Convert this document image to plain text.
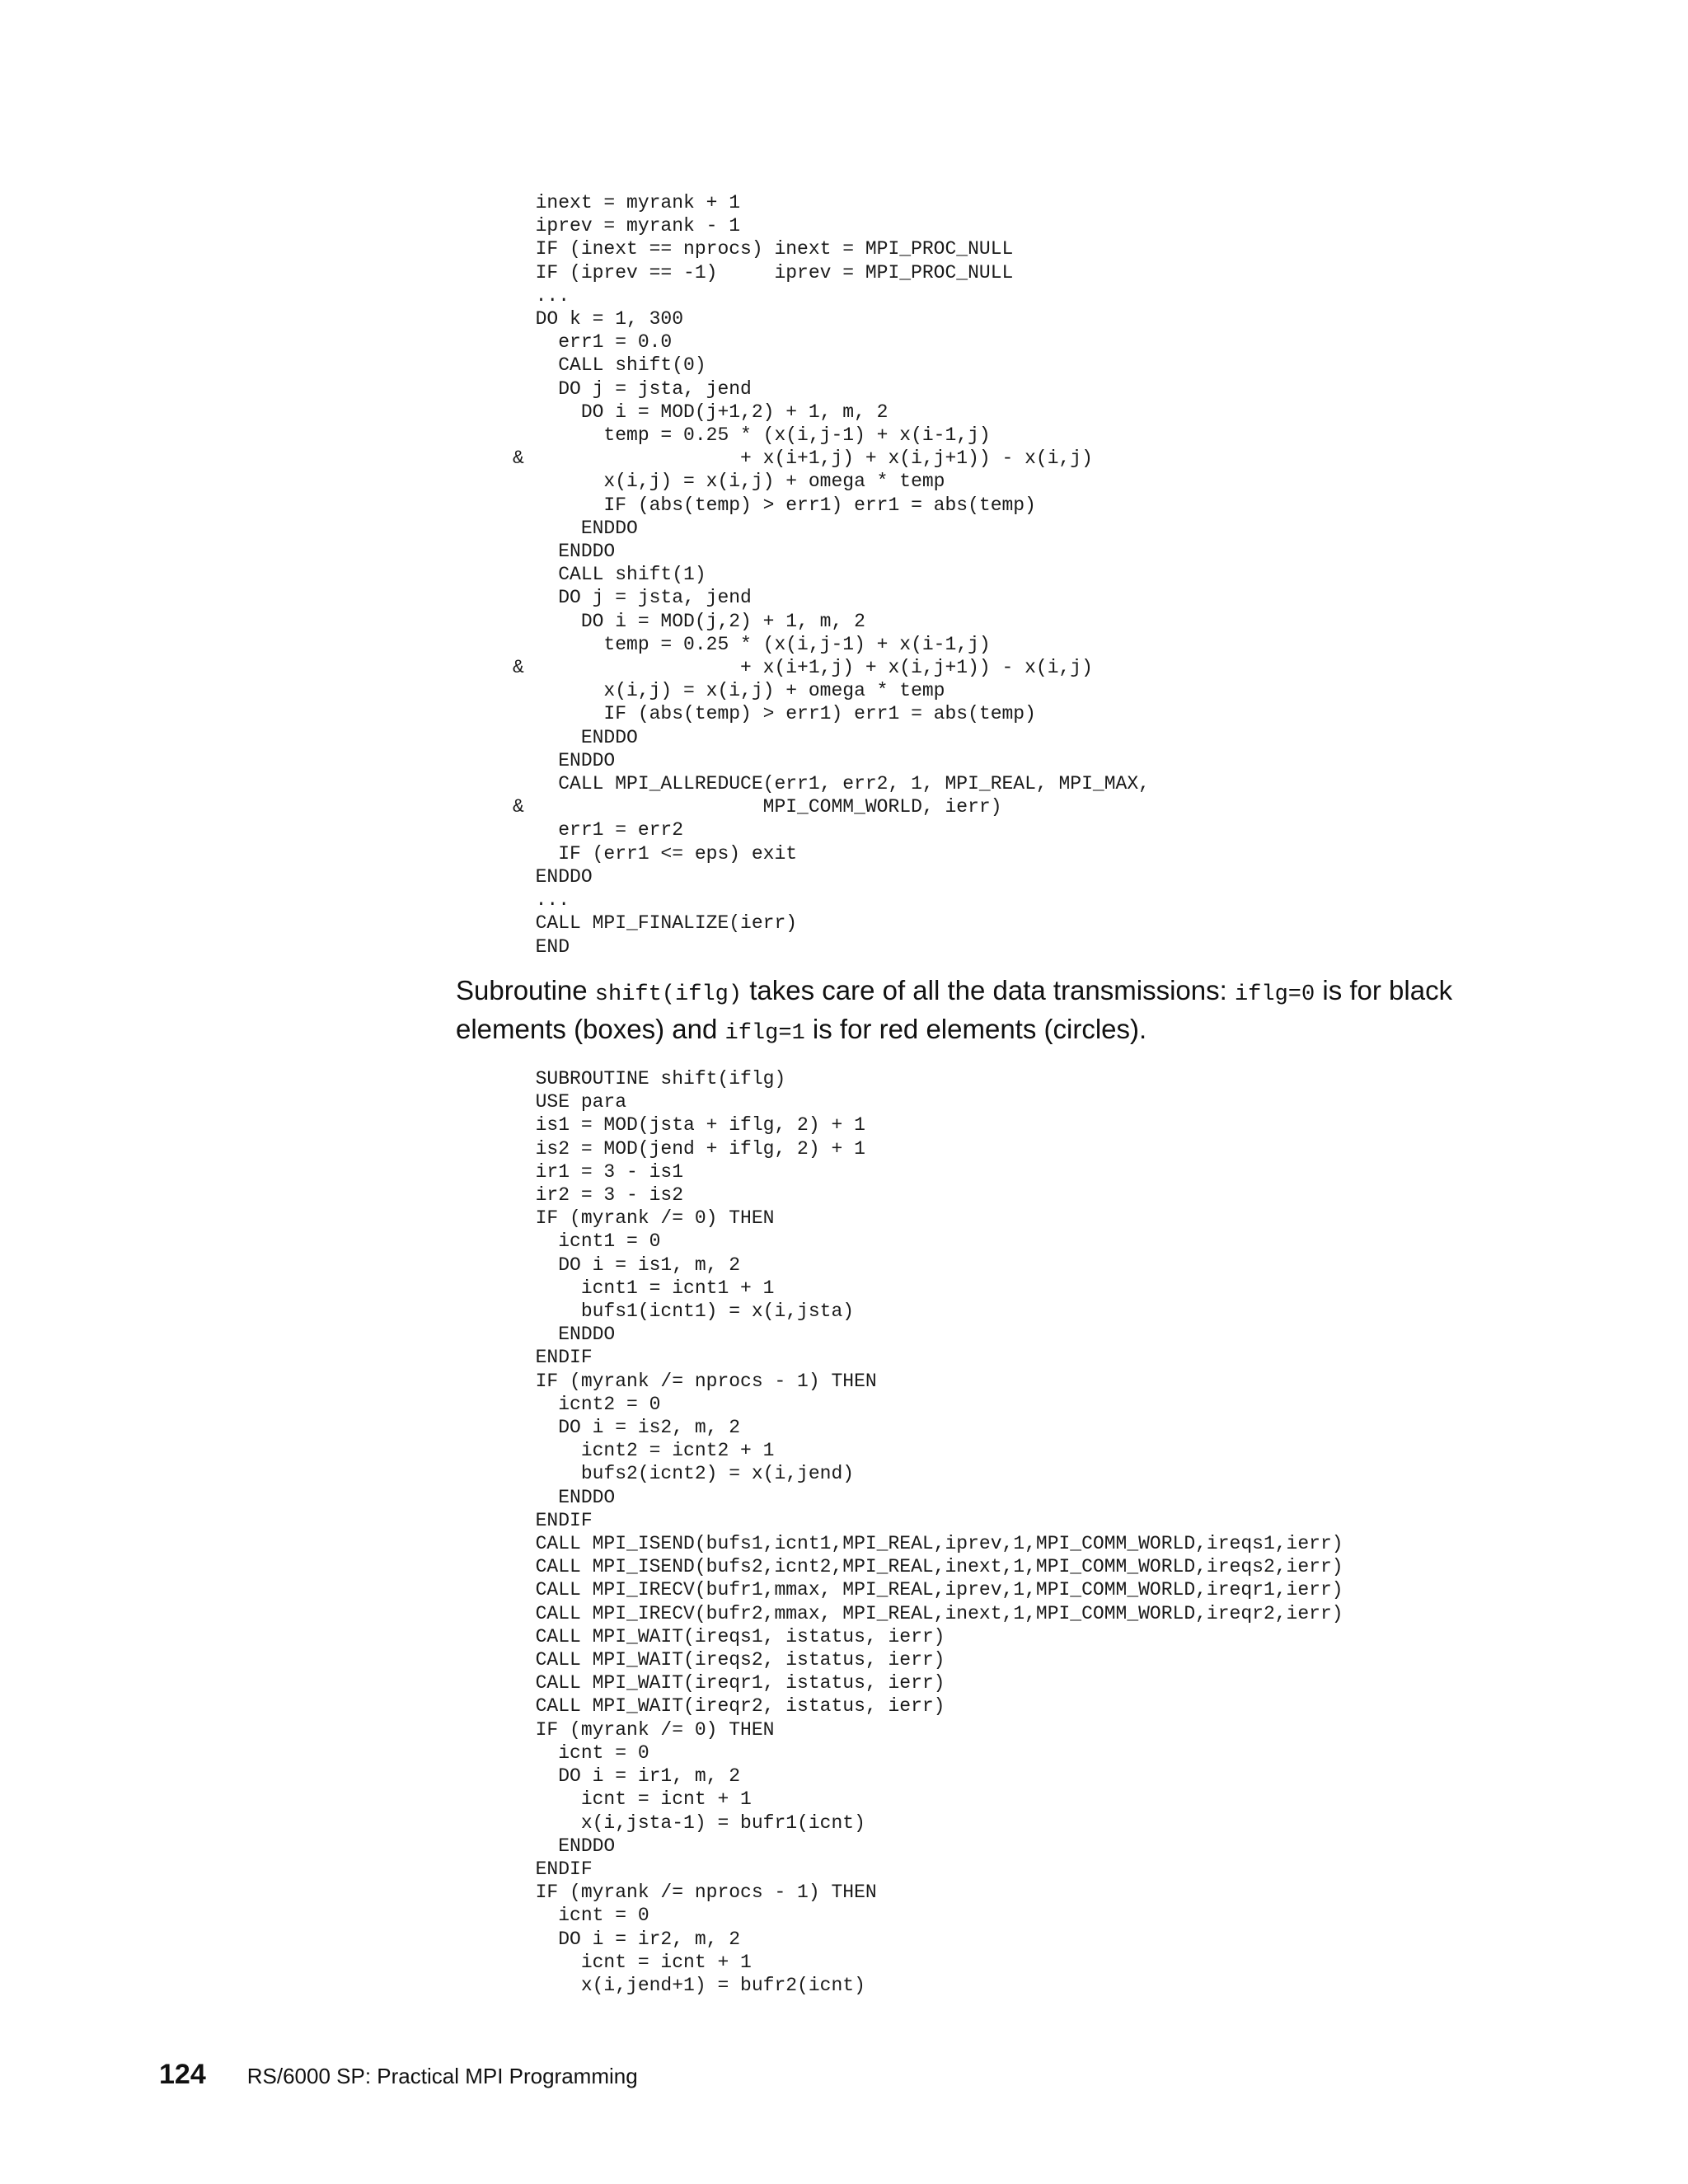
inext = myrank + 1
iprev = myrank - 1
IF (inext == nprocs) inext = MPI_PROC_NULL
IF (iprev == -1)     iprev = MPI_PROC_NULL
...
DO k = 1, 300
err1 = 0.0
CALL shift(0)
DO j = jsta, jend
DO i = MOD(j+1,2) + 1, m, 2
temp = 0.25 * (x(i,j-1) + x(i-1,j)
&                   + x(i+1,j) + x(i,j+1)) - x(i,j)
x(i,j) = x(i,j) + omega * temp
IF (abs(temp) > err1) err1 = abs(temp)
ENDDO
ENDDO
CALL shift(1)
DO j = jsta, jend
DO i = MOD(j,2) + 1, m, 2
temp = 0.25 * (x(i,j-1) + x(i-1,j)
&                   + x(i+1,j) + x(i,j+1)) - x(i,j)
x(i,j) = x(i,j) + omega * temp
IF (abs(temp) > err1) err1 = abs(temp)
ENDDO
ENDDO
CALL MPI_ALLREDUCE(err1, err2, 1, MPI_REAL, MPI_MAX,
&                     MPI_COMM_WORLD, ierr)
err1 = err2
IF (err1 <= eps) exit
ENDDO
...
CALL MPI_FINALIZE(ierr)
END

Subroutine shift(iflg) takes care of all the data transmissions: iflg=0 is for black elements (boxes) and iflg=1 is for red elements (circles).

SUBROUTINE shift(iflg)
USE para
is1 = MOD(jsta + iflg, 2) + 1
is2 = MOD(jend + iflg, 2) + 1
ir1 = 3 - is1
ir2 = 3 - is2
IF (myrank /= 0) THEN
icnt1 = 0
DO i = is1, m, 2
icnt1 = icnt1 + 1
bufs1(icnt1) = x(i,jsta)
ENDDO
ENDIF
IF (myrank /= nprocs - 1) THEN
icnt2 = 0
DO i = is2, m, 2
icnt2 = icnt2 + 1
bufs2(icnt2) = x(i,jend)
ENDDO
ENDIF
CALL MPI_ISEND(bufs1,icnt1,MPI_REAL,iprev,1,MPI_COMM_WORLD,ireqs1,ierr)
CALL MPI_ISEND(bufs2,icnt2,MPI_REAL,inext,1,MPI_COMM_WORLD,ireqs2,ierr)
CALL MPI_IRECV(bufr1,mmax, MPI_REAL,iprev,1,MPI_COMM_WORLD,ireqr1,ierr)
CALL MPI_IRECV(bufr2,mmax, MPI_REAL,inext,1,MPI_COMM_WORLD,ireqr2,ierr)
CALL MPI_WAIT(ireqs1, istatus, ierr)
CALL MPI_WAIT(ireqs2, istatus, ierr)
CALL MPI_WAIT(ireqr1, istatus, ierr)
CALL MPI_WAIT(ireqr2, istatus, ierr)
IF (myrank /= 0) THEN
icnt = 0
DO i = ir1, m, 2
icnt = icnt + 1
x(i,jsta-1) = bufr1(icnt)
ENDDO
ENDIF
IF (myrank /= nprocs - 1) THEN
icnt = 0
DO i = ir2, m, 2
icnt = icnt + 1
x(i,jend+1) = bufr2(icnt)
124 RS/6000 SP: Practical MPI Programming
